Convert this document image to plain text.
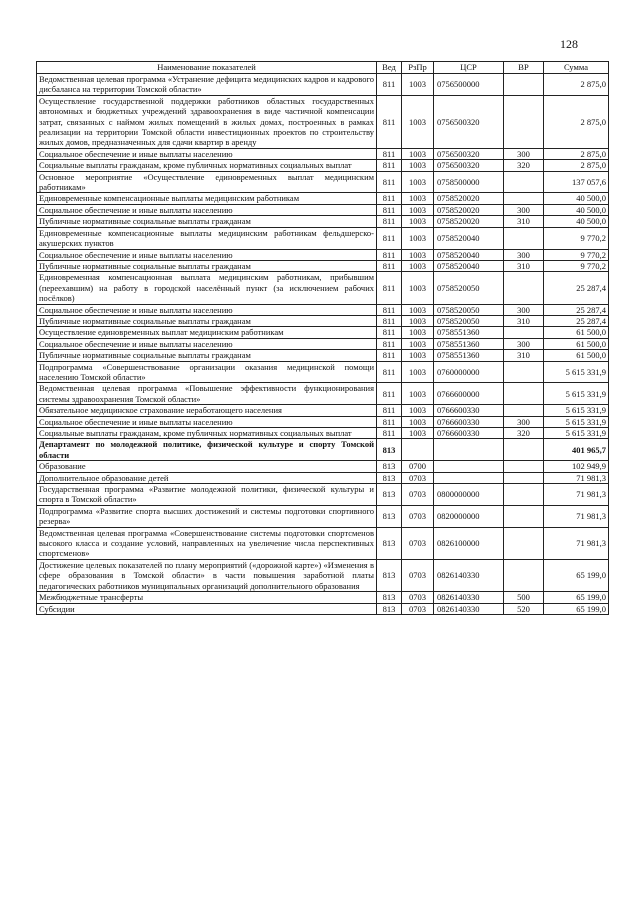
128
Наименование показателей	Вед	РзПр	ЦСР	ВР	Сумма
Ведомственная целевая программа «Устранение дефицита медицинских кадров и кадрового дисбаланса на территории Томской области»	811	1003	0756500000		2 875,0
Осуществление государственной поддержки работников областных государственных автономных и бюджетных учреждений здравоохранения в виде частичной компенсации затрат, связанных с наймом жилых помещений в жилых домах, построенных в рамках реализации на территории Томской области инвестиционных проектов по строительству жилых домов, предназначенных для сдачи квартир в аренду	811	1003	0756500320		2 875,0
Социальное обеспечение и иные выплаты населению	811	1003	0756500320	300	2 875,0
Социальные выплаты гражданам, кроме публичных нормативных социальных выплат	811	1003	0756500320	320	2 875,0
Основное мероприятие «Осуществление единовременных выплат медицинским работникам»	811	1003	0758500000		137 057,6
Единовременные компенсационные выплаты медицинским работникам	811	1003	0758520020		40 500,0
Социальное обеспечение и иные выплаты населению	811	1003	0758520020	300	40 500,0
Публичные нормативные социальные выплаты гражданам	811	1003	0758520020	310	40 500,0
Единовременные компенсационные выплаты медицинским работникам фельдшерско-акушерских пунктов	811	1003	0758520040		9 770,2
Социальное обеспечение и иные выплаты населению	811	1003	0758520040	300	9 770,2
Публичные нормативные социальные выплаты гражданам	811	1003	0758520040	310	9 770,2
Единовременная компенсационная выплата медицинским работникам, прибывшим (переехавшим) на работу в городской населённый пункт (за исключением рабочих посёлков)	811	1003	0758520050		25 287,4
Социальное обеспечение и иные выплаты населению	811	1003	0758520050	300	25 287,4
Публичные нормативные социальные выплаты гражданам	811	1003	0758520050	310	25 287,4
Осуществление единовременных выплат медицинским работникам	811	1003	0758551360		61 500,0
Социальное обеспечение и иные выплаты населению	811	1003	0758551360	300	61 500,0
Публичные нормативные социальные выплаты гражданам	811	1003	0758551360	310	61 500,0
Подпрограмма «Совершенствование организации оказания медицинской помощи населению Томской области»	811	1003	0760000000		5 615 331,9
Ведомственная целевая программа «Повышение эффективности функционирования системы здравоохранения Томской области»	811	1003	0766600000		5 615 331,9
Обязательное медицинское страхование неработающего населения	811	1003	0766600330		5 615 331,9
Социальное обеспечение и иные выплаты населению	811	1003	0766600330	300	5 615 331,9
Социальные выплаты гражданам, кроме публичных нормативных социальных выплат	811	1003	0766600330	320	5 615 331,9
Департамент по молодежной политике, физической культуре и спорту Томской области	813				401 965,7
Образование	813	0700			102 949,9
Дополнительное образование детей	813	0703			71 981,3
Государственная программа «Развитие молодежной политики, физической культуры и спорта в Томской области»	813	0703	0800000000		71 981,3
Подпрограмма «Развитие спорта высших достижений и системы подготовки спортивного резерва»	813	0703	0820000000		71 981,3
Ведомственная целевая программа «Совершенствование системы подготовки спортсменов высокого класса и создание условий, направленных на увеличение числа перспективных спортсменов»	813	0703	0826100000		71 981,3
Достижение целевых показателей по плану мероприятий («дорожной карте») «Изменения в сфере образования в Томской области» в части повышения заработной платы педагогических работников муниципальных организаций дополнительного образования	813	0703	0826140330		65 199,0
Межбюджетные трансферты	813	0703	0826140330	500	65 199,0
Субсидии	813	0703	0826140330	520	65 199,0
